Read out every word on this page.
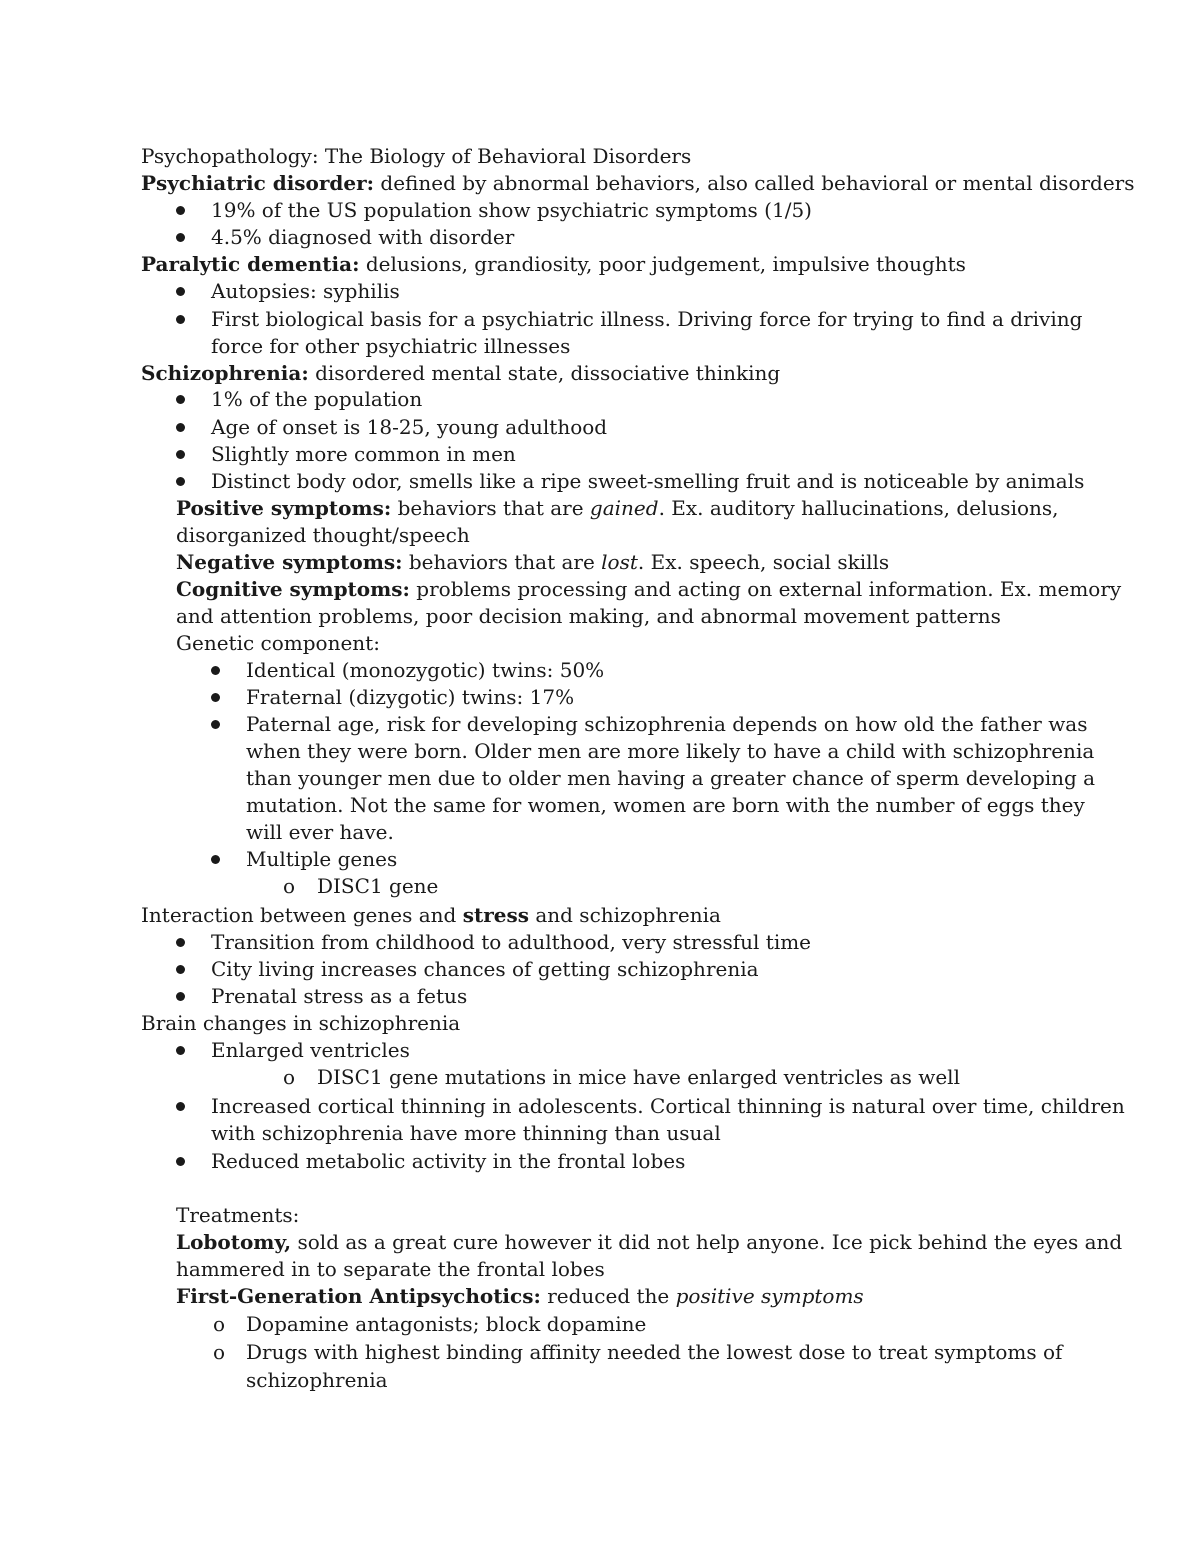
Psychopathology: The Biology of Behavioral Disorders
Psychiatric disorder: defined by abnormal behaviors, also called behavioral or mental disorders
19% of the US population show psychiatric symptoms (1/5)
4.5% diagnosed with disorder
Paralytic dementia: delusions, grandiosity, poor judgement, impulsive thoughts
Autopsies: syphilis
First biological basis for a psychiatric illness. Driving force for trying to find a driving
force for other psychiatric illnesses
Schizophrenia: disordered mental state, dissociative thinking
1% of the population
Age of onset is 18-25, young adulthood
Slightly more common in men
Distinct body odor, smells like a ripe sweet-smelling fruit and is noticeable by animals
Positive symptoms: behaviors that are gained. Ex. auditory hallucinations, delusions,
disorganized thought/speech
Negative symptoms: behaviors that are lost. Ex. speech, social skills
Cognitive symptoms: problems processing and acting on external information. Ex. memory
and attention problems, poor decision making, and abnormal movement patterns
Genetic component:
Identical (monozygotic) twins: 50%
Fraternal (dizygotic) twins: 17%
Paternal age, risk for developing schizophrenia depends on how old the father was
when they were born. Older men are more likely to have a child with schizophrenia
than younger men due to older men having a greater chance of sperm developing a
mutation. Not the same for women, women are born with the number of eggs they
will ever have.
Multiple genes
o DISC1 gene
Interaction between genes and stress and schizophrenia
Transition from childhood to adulthood, very stressful time
City living increases chances of getting schizophrenia
Prenatal stress as a fetus
Brain changes in schizophrenia
Enlarged ventricles
o DISC1 gene mutations in mice have enlarged ventricles as well
Increased cortical thinning in adolescents. Cortical thinning is natural over time, children
with schizophrenia have more thinning than usual
Reduced metabolic activity in the frontal lobes
Treatments:
Lobotomy, sold as a great cure however it did not help anyone. Ice pick behind the eyes and
hammered in to separate the frontal lobes
First-Generation Antipsychotics: reduced the positive symptoms
o Dopamine antagonists; block dopamine
o Drugs with highest binding affinity needed the lowest dose to treat symptoms of
schizophrenia
